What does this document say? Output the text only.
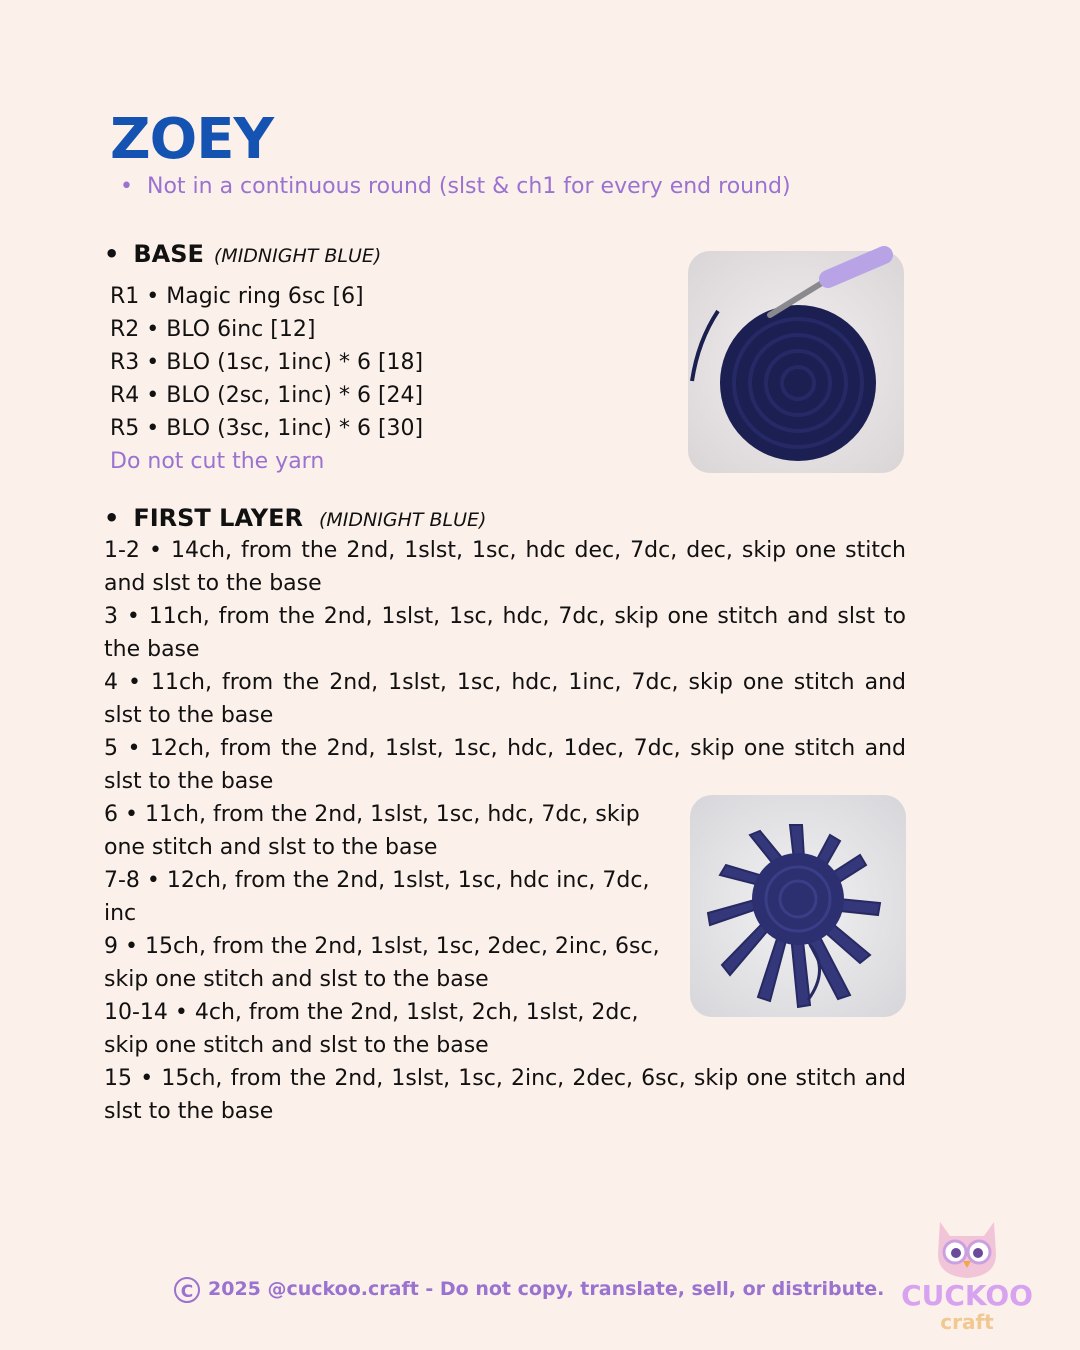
ZOEY
• Not in a continuous round (slst & ch1 for every end round)
• BASE (MIDNIGHT BLUE)
R1 • Magic ring 6sc [6]
R2 • BLO 6inc [12]
R3 • BLO (1sc, 1inc) * 6 [18]
R4 • BLO (2sc, 1inc) * 6 [24]
R5 • BLO (3sc, 1inc) * 6 [30]
Do not cut the yarn
• FIRST LAYER (MIDNIGHT BLUE)
1-2 • 14ch, from the 2nd, 1slst, 1sc, hdc dec, 7dc, dec, skip one stitch and slst to the base
3 • 11ch, from the 2nd, 1slst, 1sc, hdc, 7dc, skip one stitch and slst to the base
4 • 11ch, from the 2nd, 1slst, 1sc, hdc, 1inc, 7dc, skip one stitch and slst to the base
5 • 12ch, from the 2nd, 1slst, 1sc, hdc, 1dec, 7dc, skip one stitch and slst to the base
6 • 11ch, from the 2nd, 1slst, 1sc, hdc, 7dc, skip one stitch and slst to the base
7-8 • 12ch, from the 2nd, 1slst, 1sc, hdc inc, 7dc, inc
9 • 15ch, from the 2nd, 1slst, 1sc, 2dec, 2inc, 6sc, skip one stitch and slst to the base
10-14 • 4ch, from the 2nd, 1slst, 2ch, 1slst, 2dc, skip one stitch and slst to the base
15 • 15ch, from the 2nd, 1slst, 1sc, 2inc, 2dec, 6sc, skip one stitch and slst to the base
C 2025 @cuckoo.craft - Do not copy, translate, sell, or distribute. CUCKOO
craft
